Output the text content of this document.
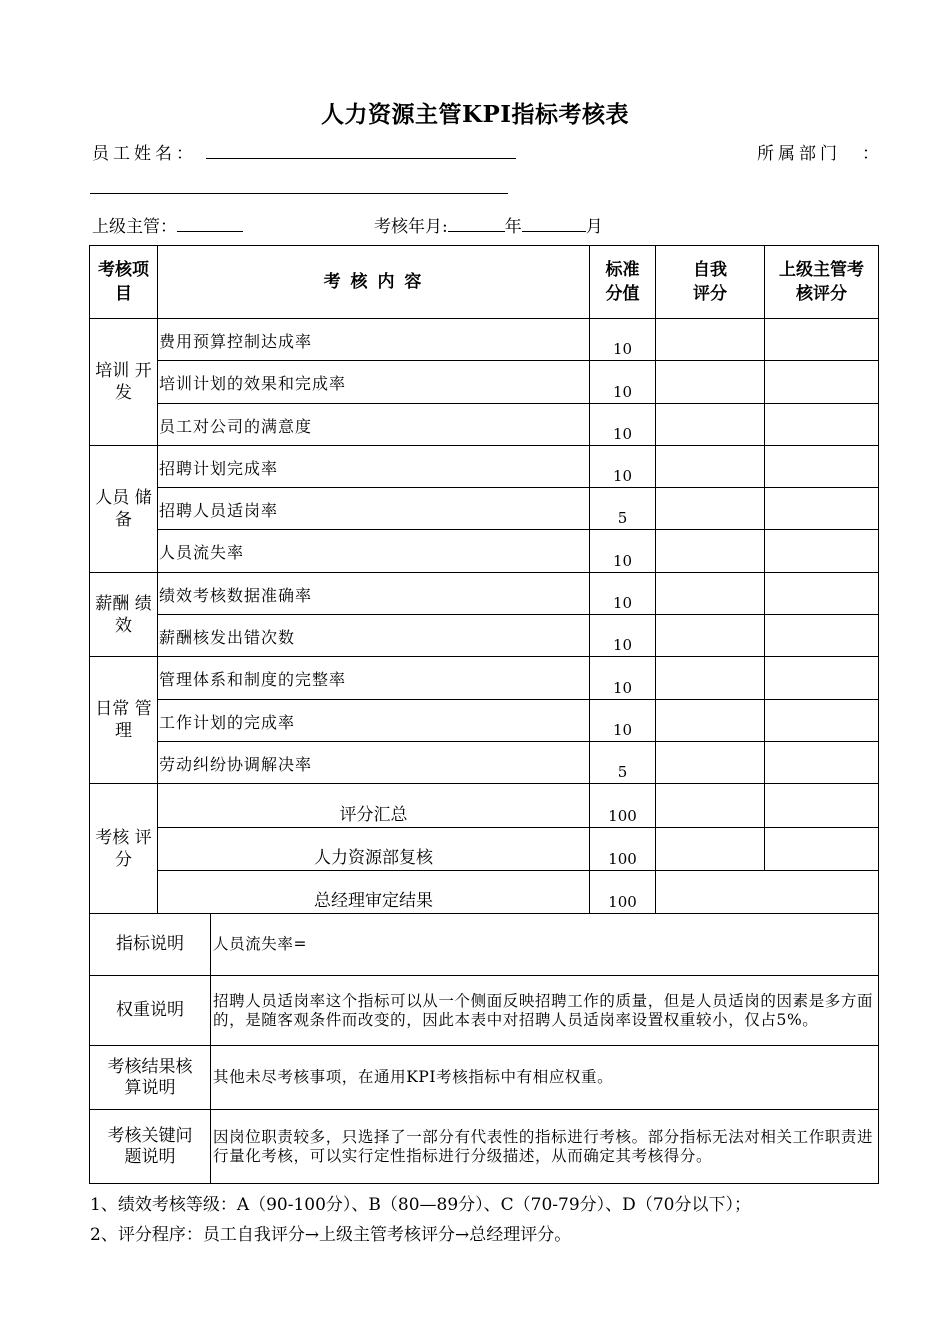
人力资源主管KPI指标考核表
员工姓名：	所属部门　：
上级主管：	考核年月:	年	月
考核项目	考 核 内 容	标准分值	自我评分	上级主管考核评分
培训 开发	费用预算控制达成率	10		
	培训计划的效果和完成率	10		
	员工对公司的满意度	10		
人员 储备	招聘计划完成率	10		
	招聘人员适岗率	5		
	人员流失率	10		
薪酬 绩效	绩效考核数据准确率	10		
	薪酬核发出错次数	10		
日常 管理	管理体系和制度的完整率	10		
	工作计划的完成率	10		
	劳动纠纷协调解决率	5		
考核 评分	评分汇总	100		
	人力资源部复核	100		
	总经理审定结果	100		
指标说明	人员流失率=
权重说明	招聘人员适岗率这个指标可以从一个侧面反映招聘工作的质量，但是人员适岗的因素是多方面的，是随客观条件而改变的，因此本表中对招聘人员适岗率设置权重较小，仅占5%。
考核结果核算说明	其他未尽考核事项，在通用KPI考核指标中有相应权重。
考核关键问题说明	因岗位职责较多，只选择了一部分有代表性的指标进行考核。部分指标无法对相关工作职责进行量化考核，可以实行定性指标进行分级描述，从而确定其考核得分。
1、绩效考核等级：A（90-100分）、B（80—89分）、C（70-79分）、D（70分以下）；
2、评分程序：员工自我评分→上级主管考核评分→总经理评分。
